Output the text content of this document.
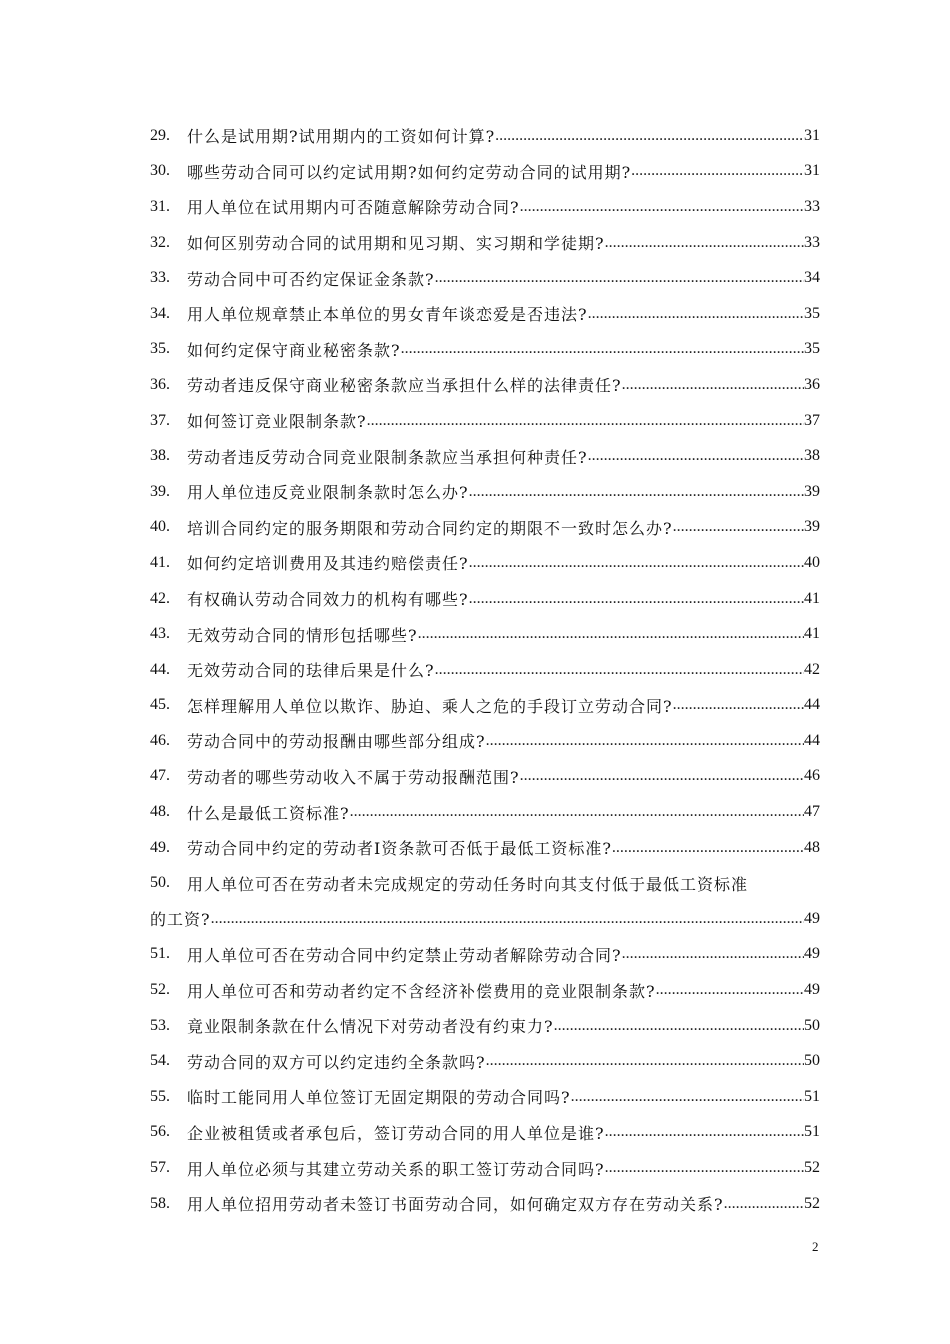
29.	什么是试用期?试用期内的工资如何计算? .....	31
30.	哪些劳动合同可以约定试用期?如何约定劳动合同的试用期? .....	31
31.	用人单位在试用期内可否随意解除劳动合同? .....	33
32.	如何区别劳动合同的试用期和见习期、实习期和学徒期? .....	33
33.	劳动合同中可否约定保证金条款? .....	34
34.	用人单位规章禁止本单位的男女青年谈恋爱是否违法? .....	35
35.	如何约定保守商业秘密条款? .....	35
36.	劳动者违反保守商业秘密条款应当承担什么样的法律责任? .....	36
37.	如何签订竞业限制条款? .....	37
38.	劳动者违反劳动合同竞业限制条款应当承担何种责任? .....	38
39.	用人单位违反竞业限制条款时怎么办? .....	39
40.	培训合同约定的服务期限和劳动合同约定的期限不一致时怎么办? .....	39
41.	如何约定培训费用及其违约赔偿责任? .....	40
42.	有权确认劳动合同效力的机构有哪些? .....	41
43.	无效劳动合同的情形包括哪些? .....	41
44.	无效劳动合同的珐律后果是什么? .....	42
45.	怎样理解用人单位以欺诈、胁迫、乘人之危的手段订立劳动合同? .....	44
46.	劳动合同中的劳动报酬由哪些部分组成? .....	44
47.	劳动者的哪些劳动收入不属于劳动报酬范围? .....	46
48.	什么是最低工资标准? .....	47
49.	劳动合同中约定的劳动者I资条款可否低于最低工资标准? .....	48
50.	用人单位可否在劳动者未完成规定的劳动任务时向其支付低于最低工资标准
的工资? .....	49
51.	用人单位可否在劳动合同中约定禁止劳动者解除劳动合同? .....	49
52.	用人单位可否和劳动者约定不含经济补偿费用的竞业限制条款? .....	49
53.	竟业限制条款在什么情况下对劳动者没有约束力? .....	50
54.	劳动合同的双方可以约定违约全条款吗? .....	50
55.	临时工能同用人单位签订无固定期限的劳动合同吗? .....	51
56.	企业被租赁或者承包后，签订劳动合同的用人单位是谁? .....	51
57.	用人单位必须与其建立劳动关系的职工签订劳动合同吗? .....	52
58.	用人单位招用劳动者未签订书面劳动合同，如何确定双方存在劳动关系? .....	52
2
